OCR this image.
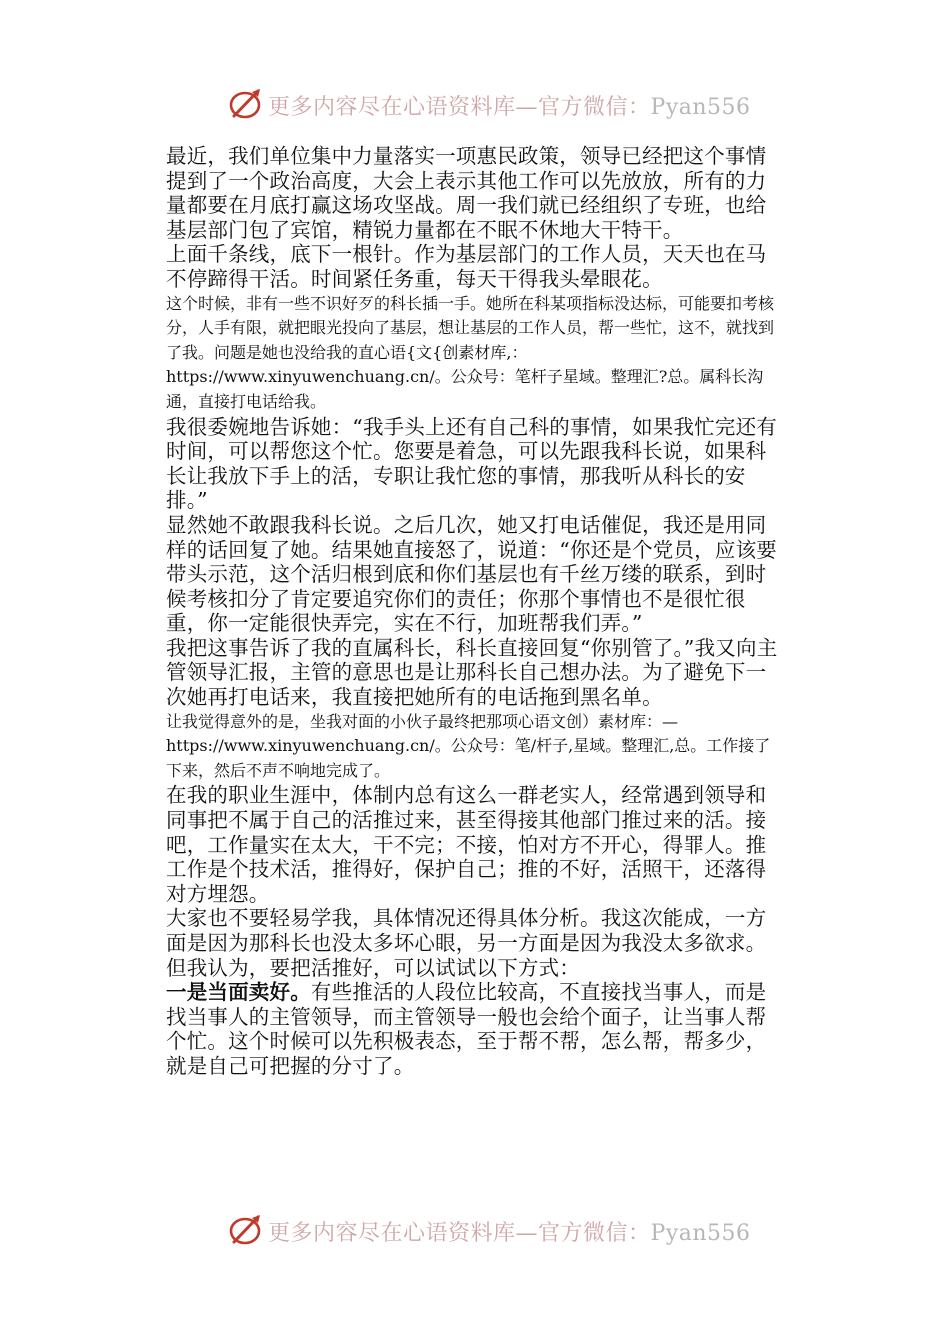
更多内容尽在心语资料库—官方微信：Pyan556

最近，我们单位集中力量落实一项惠民政策，领导已经把这个事情提到了一个政治高度，大会上表示其他工作可以先放放，所有的力量都要在月底打赢这场攻坚战。周一我们就已经组织了专班，也给基层部门包了宾馆，精锐力量都在不眠不休地大干特干。

上面千条线，底下一根针。作为基层部门的工作人员，天天也在马不停蹄得干活。时间紧任务重，每天干得我头晕眼花。

这个时候，非有一些不识好歹的科长插一手。她所在科某项指标没达标，可能要扣考核分，人手有限，就把眼光投向了基层，想让基层的工作人员，帮一些忙，这不，就找到了我。问题是她也没给我的直心语{文{创素材库,：https://www.xinyuwenchuang.cn/。公众号：笔杆子星域。整理汇?总。属科长沟通，直接打电话给我。

我很委婉地告诉她：“我手头上还有自己科的事情，如果我忙完还有时间，可以帮您这个忙。您要是着急，可以先跟我科长说，如果科长让我放下手上的活，专职让我忙您的事情，那我听从科长的安排。”

显然她不敢跟我科长说。之后几次，她又打电话催促，我还是用同样的话回复了她。结果她直接怒了，说道：“你还是个党员，应该要带头示范，这个活归根到底和你们基层也有千丝万缕的联系，到时候考核扣分了肯定要追究你们的责任；你那个事情也不是很忙很重，你一定能很快弄完，实在不行，加班帮我们弄。”

我把这事告诉了我的直属科长，科长直接回复“你别管了。”我又向主管领导汇报，主管的意思也是让那科长自己想办法。为了避免下一次她再打电话来，我直接把她所有的电话拖到黑名单。

让我觉得意外的是，坐我对面的小伙子最终把那项心语文创）素材库：—https://www.xinyuwenchuang.cn/。公众号：笔/杆子,星域。整理汇,总。工作接了下来，然后不声不响地完成了。

在我的职业生涯中，体制内总有这么一群老实人，经常遇到领导和同事把不属于自己的活推过来，甚至得接其他部门推过来的活。接吧，工作量实在太大，干不完；不接，怕对方不开心，得罪人。推工作是个技术活，推得好，保护自己；推的不好，活照干，还落得对方埋怨。

大家也不要轻易学我，具体情况还得具体分析。我这次能成，一方面是因为那科长也没太多坏心眼，另一方面是因为我没太多欲求。

但我认为，要把活推好，可以试试以下方式：

一是当面卖好。有些推活的人段位比较高，不直接找当事人，而是找当事人的主管领导，而主管领导一般也会给个面子，让当事人帮个忙。这个时候可以先积极表态，至于帮不帮，怎么帮，帮多少，就是自己可把握的分寸了。

更多内容尽在心语资料库—官方微信：Pyan556
